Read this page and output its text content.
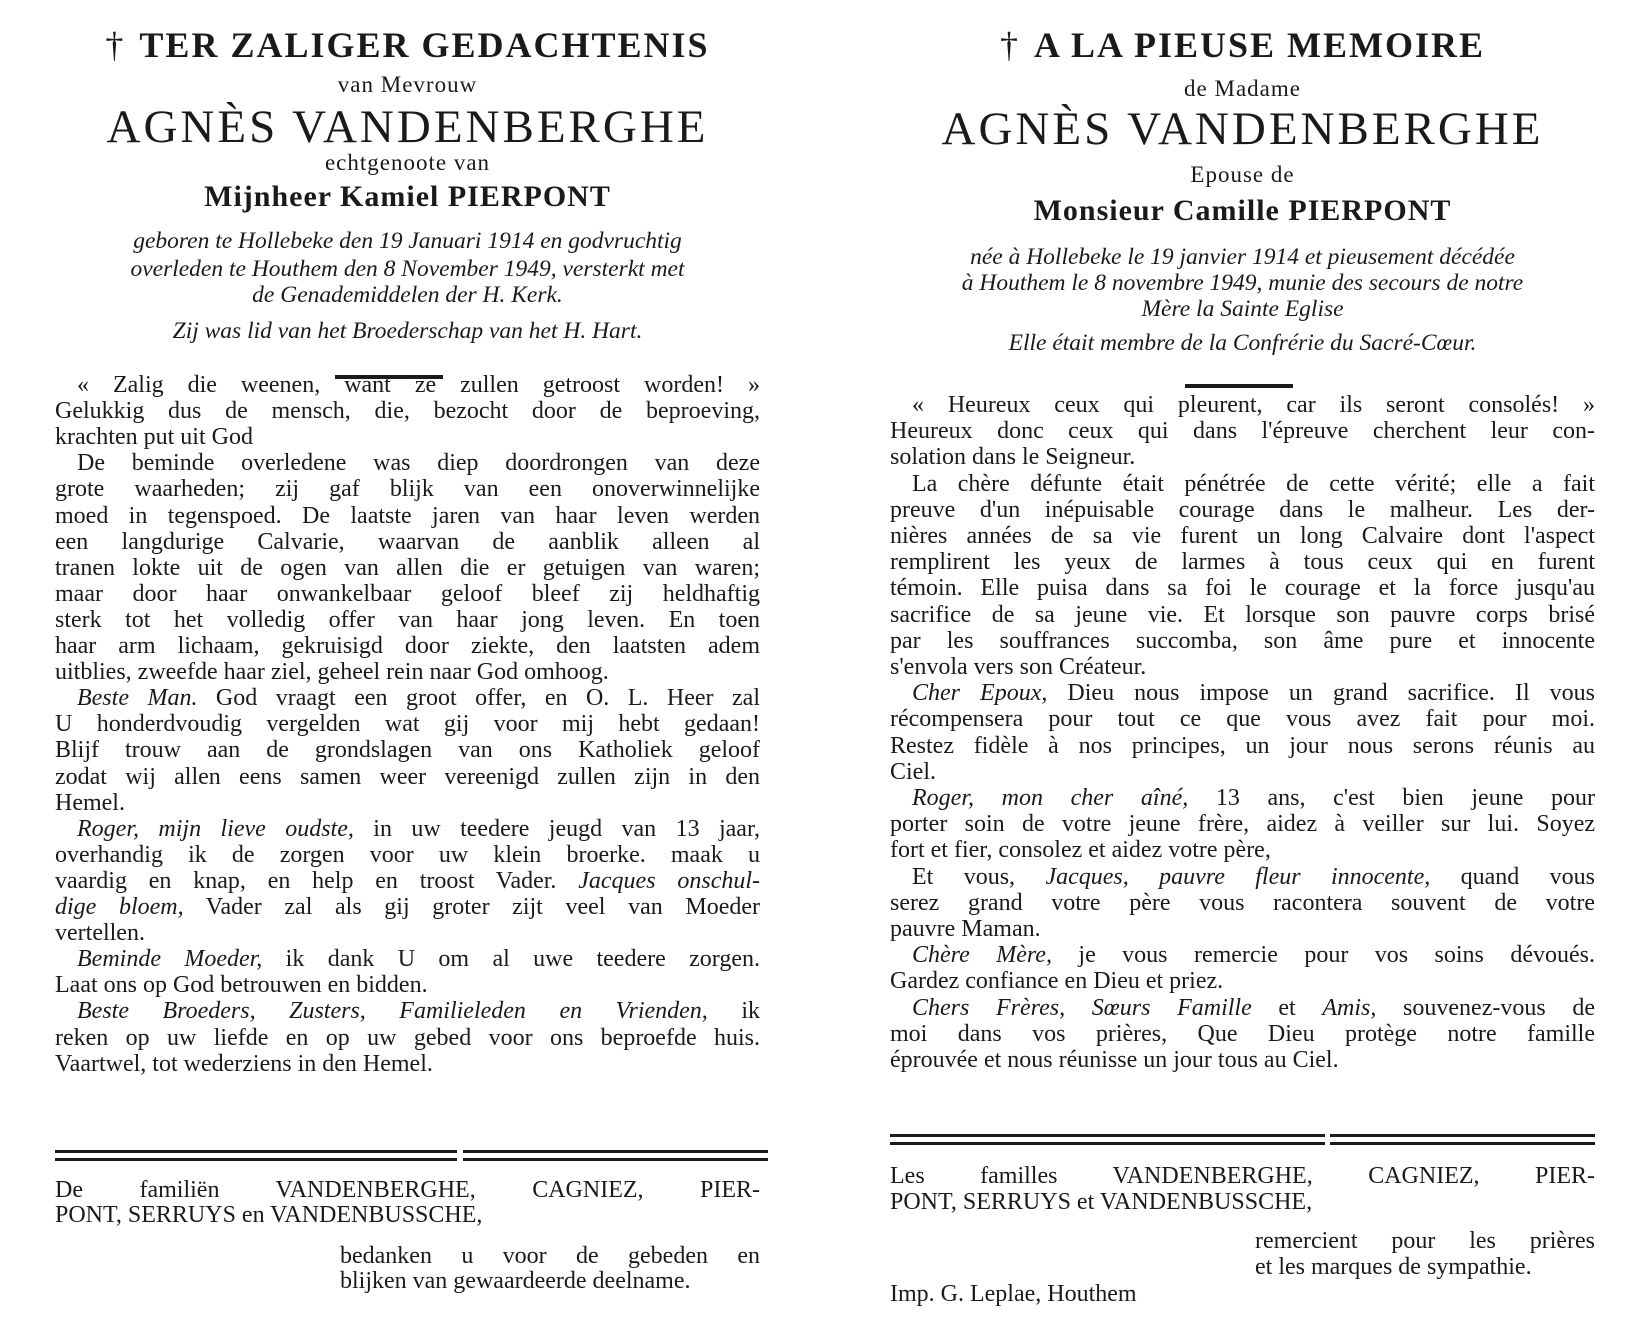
† TER ZALIGER GEDACHTENIS
van Mevrouw
AGNÈS VANDENBERGHE
echtgenoote van
Mijnheer Kamiel PIERPONT
geboren te Hollebeke den 19 Januari 1914 en godvruchtig
overleden te Houthem den 8 November 1949, versterkt met
de Genademiddelen der H. Kerk.
Zij was lid van het Broederschap van het H. Hart.
« Zalig die weenen, want ze zullen getroost worden! »
Gelukkig dus de mensch, die, bezocht door de beproeving,
krachten put uit God
De beminde overledene was diep doordrongen van deze
grote waarheden; zij gaf blijk van een onoverwinnelijke
moed in tegenspoed. De laatste jaren van haar leven werden
een langdurige Calvarie, waarvan de aanblik alleen al
tranen lokte uit de ogen van allen die er getuigen van waren;
maar door haar onwankelbaar geloof bleef zij heldhaftig
sterk tot het volledig offer van haar jong leven. En toen
haar arm lichaam, gekruisigd door ziekte, den laatsten adem
uitblies, zweefde haar ziel, geheel rein naar God omhoog.
Beste Man. God vraagt een groot offer, en O. L. Heer zal
U honderdvoudig vergelden wat gij voor mij hebt gedaan!
Blijf trouw aan de grondslagen van ons Katholiek geloof
zodat wij allen eens samen weer vereenigd zullen zijn in den
Hemel.
Roger, mijn lieve oudste, in uw teedere jeugd van 13 jaar,
overhandig ik de zorgen voor uw klein broerke. maak u
vaardig en knap, en help en troost Vader. Jacques onschul-
dige bloem, Vader zal als gij groter zijt veel van Moeder
vertellen.
Beminde Moeder, ik dank U om al uwe teedere zorgen.
Laat ons op God betrouwen en bidden.
Beste Broeders, Zusters, Familieleden en Vrienden, ik
reken op uw liefde en op uw gebed voor ons beproefde huis.
Vaartwel, tot wederziens in den Hemel.
De familiën VANDENBERGHE, CAGNIEZ, PIER-
PONT, SERRUYS en VANDENBUSSCHE,
bedanken u voor de gebeden en
blijken van gewaardeerde deelname.
† A LA PIEUSE MEMOIRE
de Madame
AGNÈS VANDENBERGHE
Epouse de
Monsieur Camille PIERPONT
née à Hollebeke le 19 janvier 1914 et pieusement décédée
à Houthem le 8 novembre 1949, munie des secours de notre
Mère la Sainte Eglise
Elle était membre de la Confrérie du Sacré-Cœur.
« Heureux ceux qui pleurent, car ils seront consolés! »
Heureux donc ceux qui dans l'épreuve cherchent leur con-
solation dans le Seigneur.
La chère défunte était pénétrée de cette vérité; elle a fait
preuve d'un inépuisable courage dans le malheur. Les der-
nières années de sa vie furent un long Calvaire dont l'aspect
remplirent les yeux de larmes à tous ceux qui en furent
témoin. Elle puisa dans sa foi le courage et la force jusqu'au
sacrifice de sa jeune vie. Et lorsque son pauvre corps brisé
par les souffrances succomba, son âme pure et innocente
s'envola vers son Créateur.
Cher Epoux, Dieu nous impose un grand sacrifice. Il vous
récompensera pour tout ce que vous avez fait pour moi.
Restez fidèle à nos principes, un jour nous serons réunis au
Ciel.
Roger, mon cher aîné, 13 ans, c'est bien jeune pour
porter soin de votre jeune frère, aidez à veiller sur lui. Soyez
fort et fier, consolez et aidez votre père,
Et vous, Jacques, pauvre fleur innocente, quand vous
serez grand votre père vous racontera souvent de votre
pauvre Maman.
Chère Mère, je vous remercie pour vos soins dévoués.
Gardez confiance en Dieu et priez.
Chers Frères, Sœurs Famille et Amis, souvenez-vous de
moi dans vos prières, Que Dieu protège notre famille
éprouvée et nous réunisse un jour tous au Ciel.
Les familles VANDENBERGHE, CAGNIEZ, PIER-
PONT, SERRUYS et VANDENBUSSCHE,
remercient pour les prières
et les marques de sympathie.
Imp. G. Leplae, Houthem
